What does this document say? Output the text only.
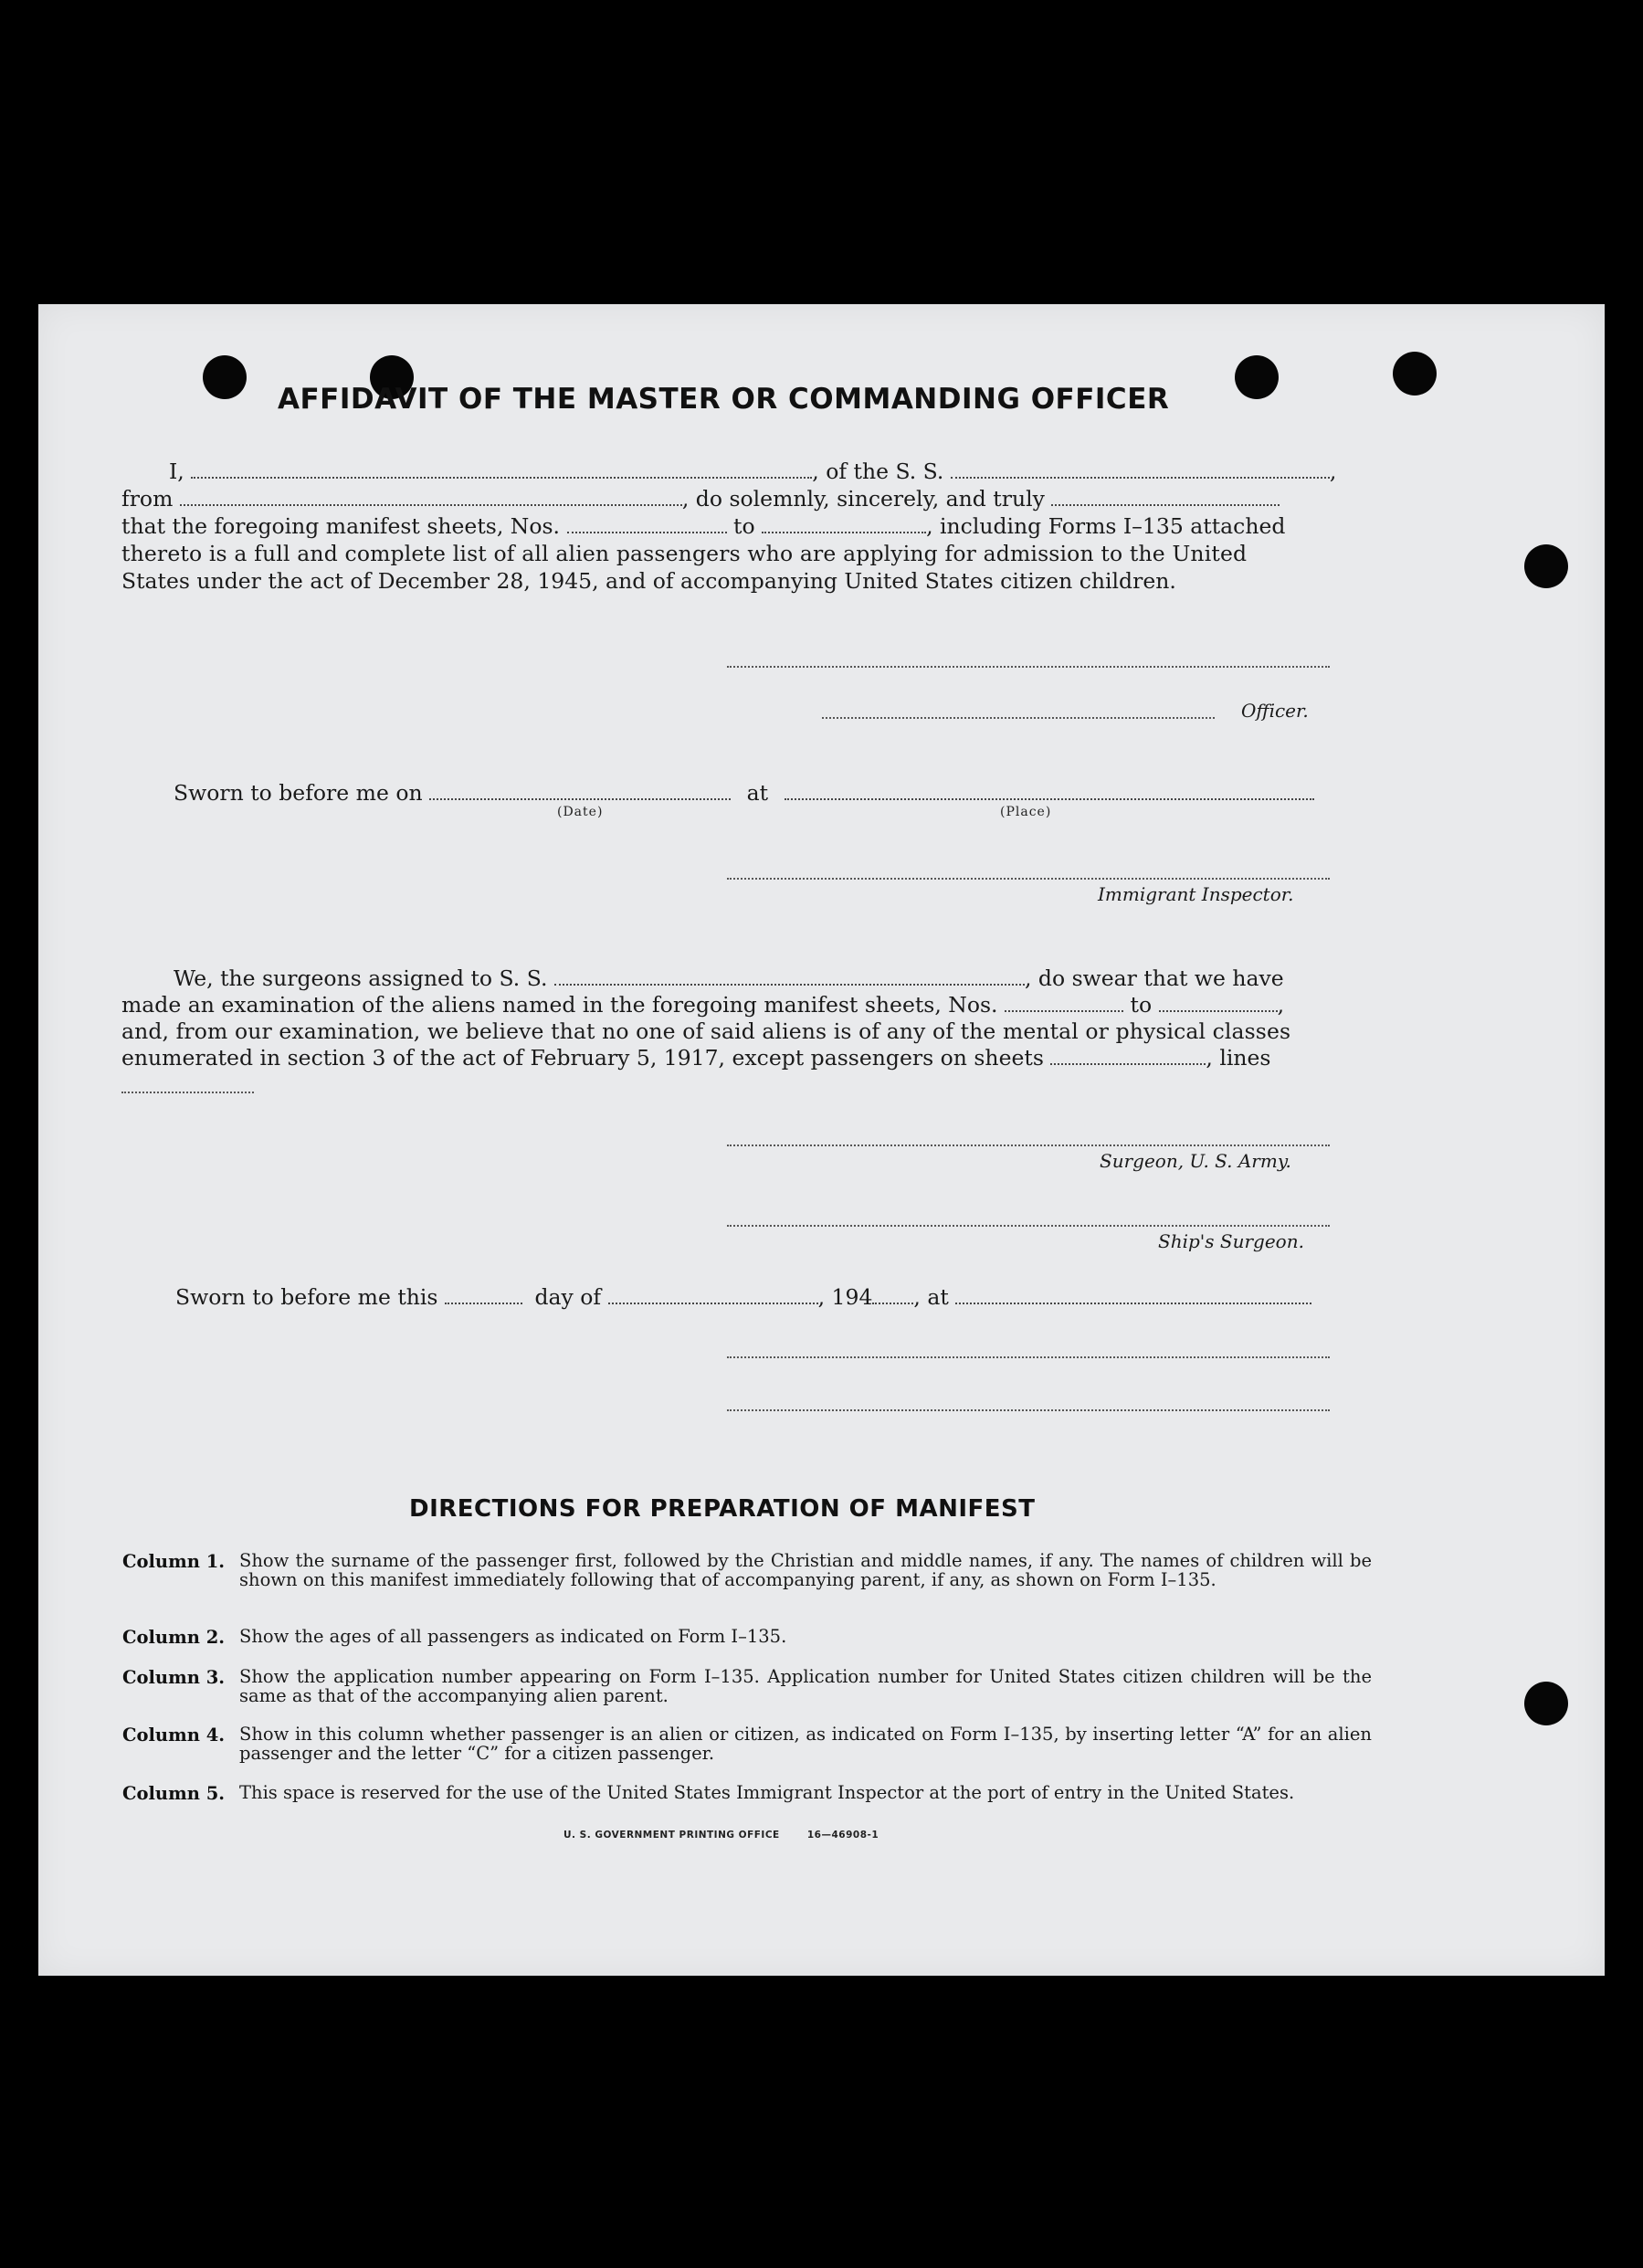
AFFIDAVIT OF THE MASTER OR COMMANDING OFFICER
I,	, of the S. S.	,
from	, do solemnly, sincerely, and truly
that the foregoing manifest sheets, Nos.	to	, including Forms I–135 attached
thereto is a full and complete list of all alien passengers who are applying for admission to the United
States under the act of December 28, 1945, and of accompanying United States citizen children.
Officer.
Sworn to before me on	at
(Date)	(Place)
Immigrant Inspector.
We, the surgeons assigned to S. S.	, do swear that we have
made an examination of the aliens named in the foregoing manifest sheets, Nos.	to	,
and, from our examination, we believe that no one of said aliens is of any of the mental or physical classes
enumerated in section 3 of the act of February 5, 1917, except passengers on sheets	, lines
Surgeon, U. S. Army.
Ship's Surgeon.
Sworn to before me this	day of	, 194 , at
DIRECTIONS FOR PREPARATION OF MANIFEST
Column 1. Show the surname of the passenger first, followed by the Christian and middle names, if any. The names of children will be shown on this manifest immediately following that of accompanying parent, if any, as shown on Form I–135.
Column 2. Show the ages of all passengers as indicated on Form I–135.
Column 3. Show the application number appearing on Form I–135. Application number for United States citizen children will be the same as that of the accompanying alien parent.
Column 4. Show in this column whether passenger is an alien or citizen, as indicated on Form I–135, by inserting letter “A” for an alien passenger and the letter “C” for a citizen passenger.
Column 5. This space is reserved for the use of the United States Immigrant Inspector at the port of entry in the United States.
U. S. GOVERNMENT PRINTING OFFICE	16—46908-1
